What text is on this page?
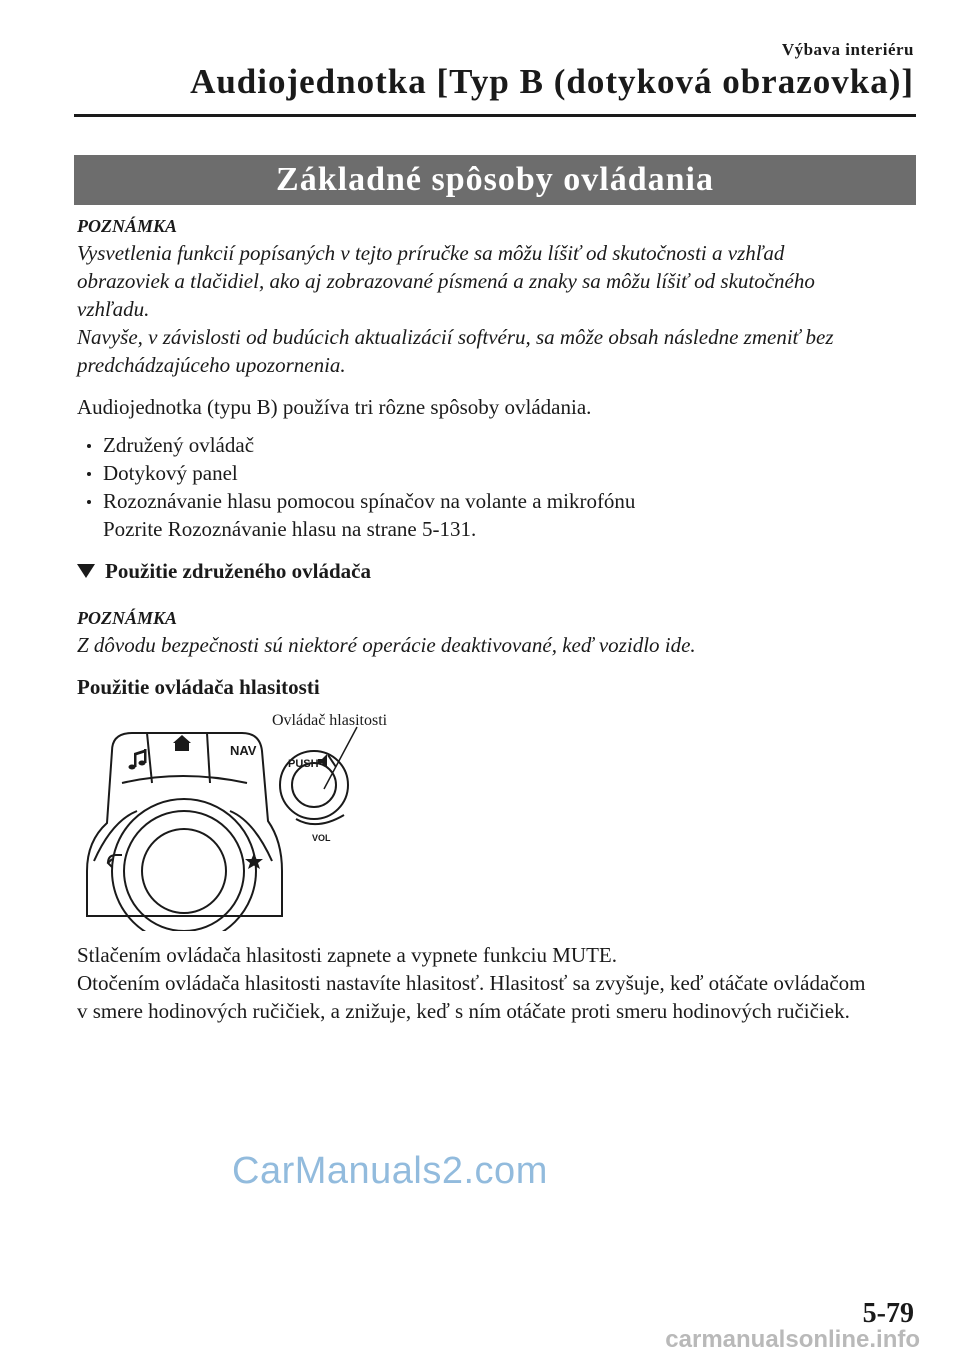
Výbava interiéru
Audiojednotka [Typ B (dotyková obrazovka)]
Základné spôsoby ovládania
POZNÁMKA

Vysvetlenia funkcií popísaných v tejto príručke sa môžu líšiť od skutočnosti a vzhľad

obrazoviek a tlačidiel, ako aj zobrazované písmená a znaky sa môžu líšiť od skutočného

vzhľadu.

Navyše, v závislosti od budúcich aktualizácií softvéru, sa môže obsah následne zmeniť bez

predchádzajúceho upozornenia.

Audiojednotka (typu B) používa tri rôzne spôsoby ovládania.

Združený ovládač
Dotykový panel
Rozoznávanie hlasu pomocou spínačov na volante a mikrofónu
Pozrite Rozoznávanie hlasu na strane 5-131.
Použitie združeného ovládača
POZNÁMKA

Z dôvodu bezpečnosti sú niektoré operácie deaktivované, keď vozidlo ide.

Použitie ovládača hlasitosti
NAV
PUSH
VOL
Ovládač hlasitosti

Stlačením ovládača hlasitosti zapnete a vypnete funkciu MUTE.

Otočením ovládača hlasitosti nastavíte hlasitosť. Hlasitosť sa zvyšuje, keď otáčate ovládačom

v smere hodinových ručičiek, a znižuje, keď s ním otáčate proti smeru hodinových ručičiek.

CarManuals2.com
5-79
carmanualsonline.info
